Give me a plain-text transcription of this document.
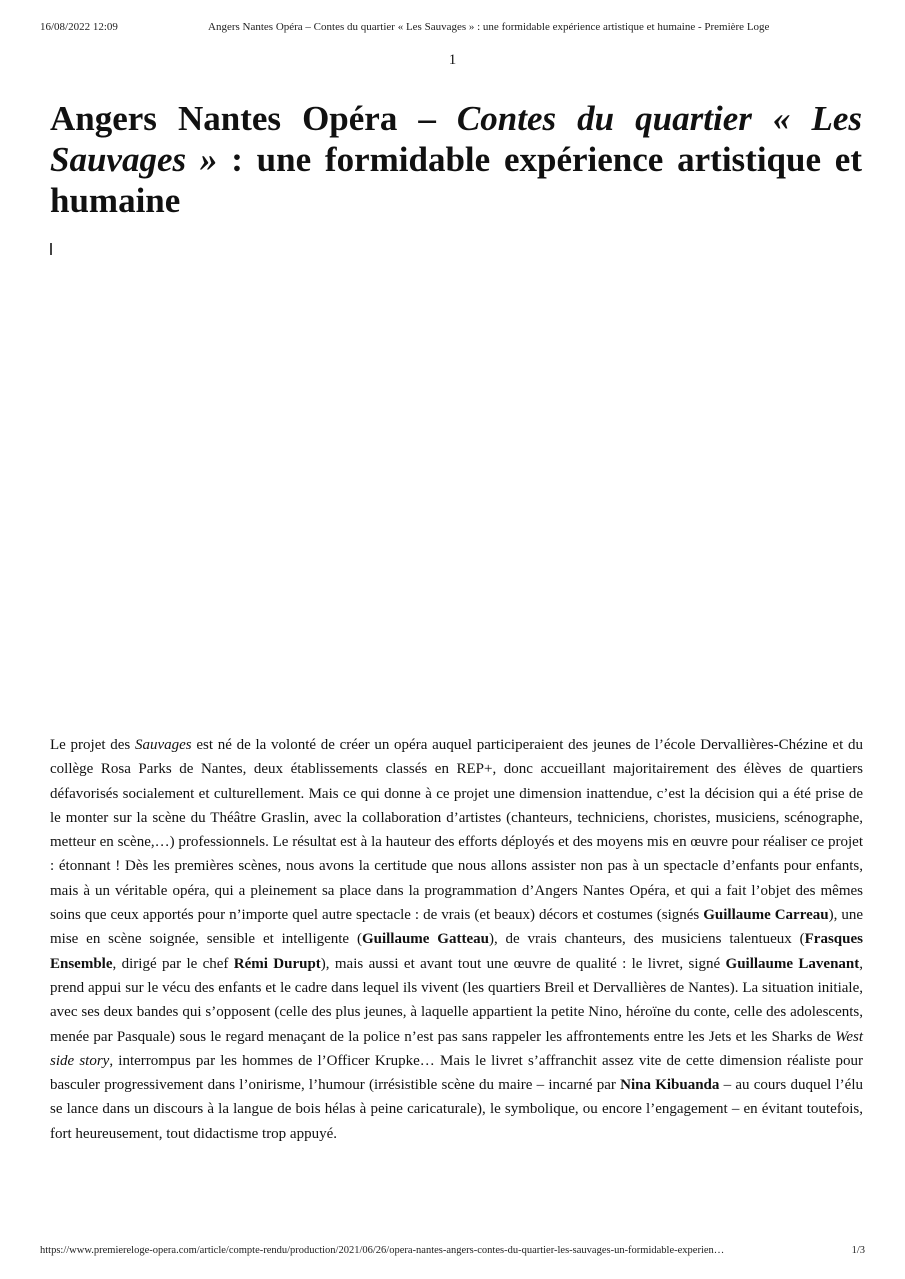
16/08/2022 12:09	Angers Nantes Opéra – Contes du quartier « Les Sauvages » : une formidable expérience artistique et humaine - Première Loge
1
Angers Nantes Opéra – Contes du quartier « Les Sauvages » : une formidable expérience artistique et humaine

Le projet des Sauvages est né de la volonté de créer un opéra auquel participeraient des jeunes de l’école Dervallières-Chézine et du collège Rosa Parks de Nantes, deux établissements classés en REP+, donc accueillant majoritairement des élèves de quartiers défavorisés socialement et culturellement. Mais ce qui donne à ce projet une dimension inattendue, c’est la décision qui a été prise de le monter sur la scène du Théâtre Graslin, avec la collaboration d’artistes (chanteurs, techniciens, choristes, musiciens, scénographe, metteur en scène,…) professionnels. Le résultat est à la hauteur des efforts déployés et des moyens mis en œuvre pour réaliser ce projet : étonnant ! Dès les premières scènes, nous avons la certitude que nous allons assister non pas à un spectacle d’enfants pour enfants, mais à un véritable opéra, qui a pleinement sa place dans la programmation d’Angers Nantes Opéra, et qui a fait l’objet des mêmes soins que ceux apportés pour n’importe quel autre spectacle : de vrais (et beaux) décors et costumes (signés Guillaume Carreau), une mise en scène soignée, sensible et intelligente (Guillaume Gatteau), de vrais chanteurs, des musiciens talentueux (Frasques Ensemble, dirigé par le chef Rémi Durupt), mais aussi et avant tout une œuvre de qualité : le livret, signé Guillaume Lavenant, prend appui sur le vécu des enfants et le cadre dans lequel ils vivent (les quartiers Breil et Dervallières de Nantes). La situation initiale, avec ses deux bandes qui s’opposent (celle des plus jeunes, à laquelle appartient la petite Nino, héroïne du conte, celle des adolescents, menée par Pasquale) sous le regard menaçant de la police n’est pas sans rappeler les affrontements entre les Jets et les Sharks de West side story, interrompus par les hommes de l’Officer Krupke… Mais le livret s’affranchit assez vite de cette dimension réaliste pour basculer progressivement dans l’onirisme, l’humour (irrésistible scène du maire – incarné par Nina Kibuanda – au cours duquel l’élu se lance dans un discours à la langue de bois hélas à peine caricaturale), le symbolique, ou encore l’engagement – en évitant toutefois, fort heureusement, tout didactisme trop appuyé.

https://www.premiereloge-opera.com/article/compte-rendu/production/2021/06/26/opera-nantes-angers-contes-du-quartier-les-sauvages-un-formidable-experien…	1/3
